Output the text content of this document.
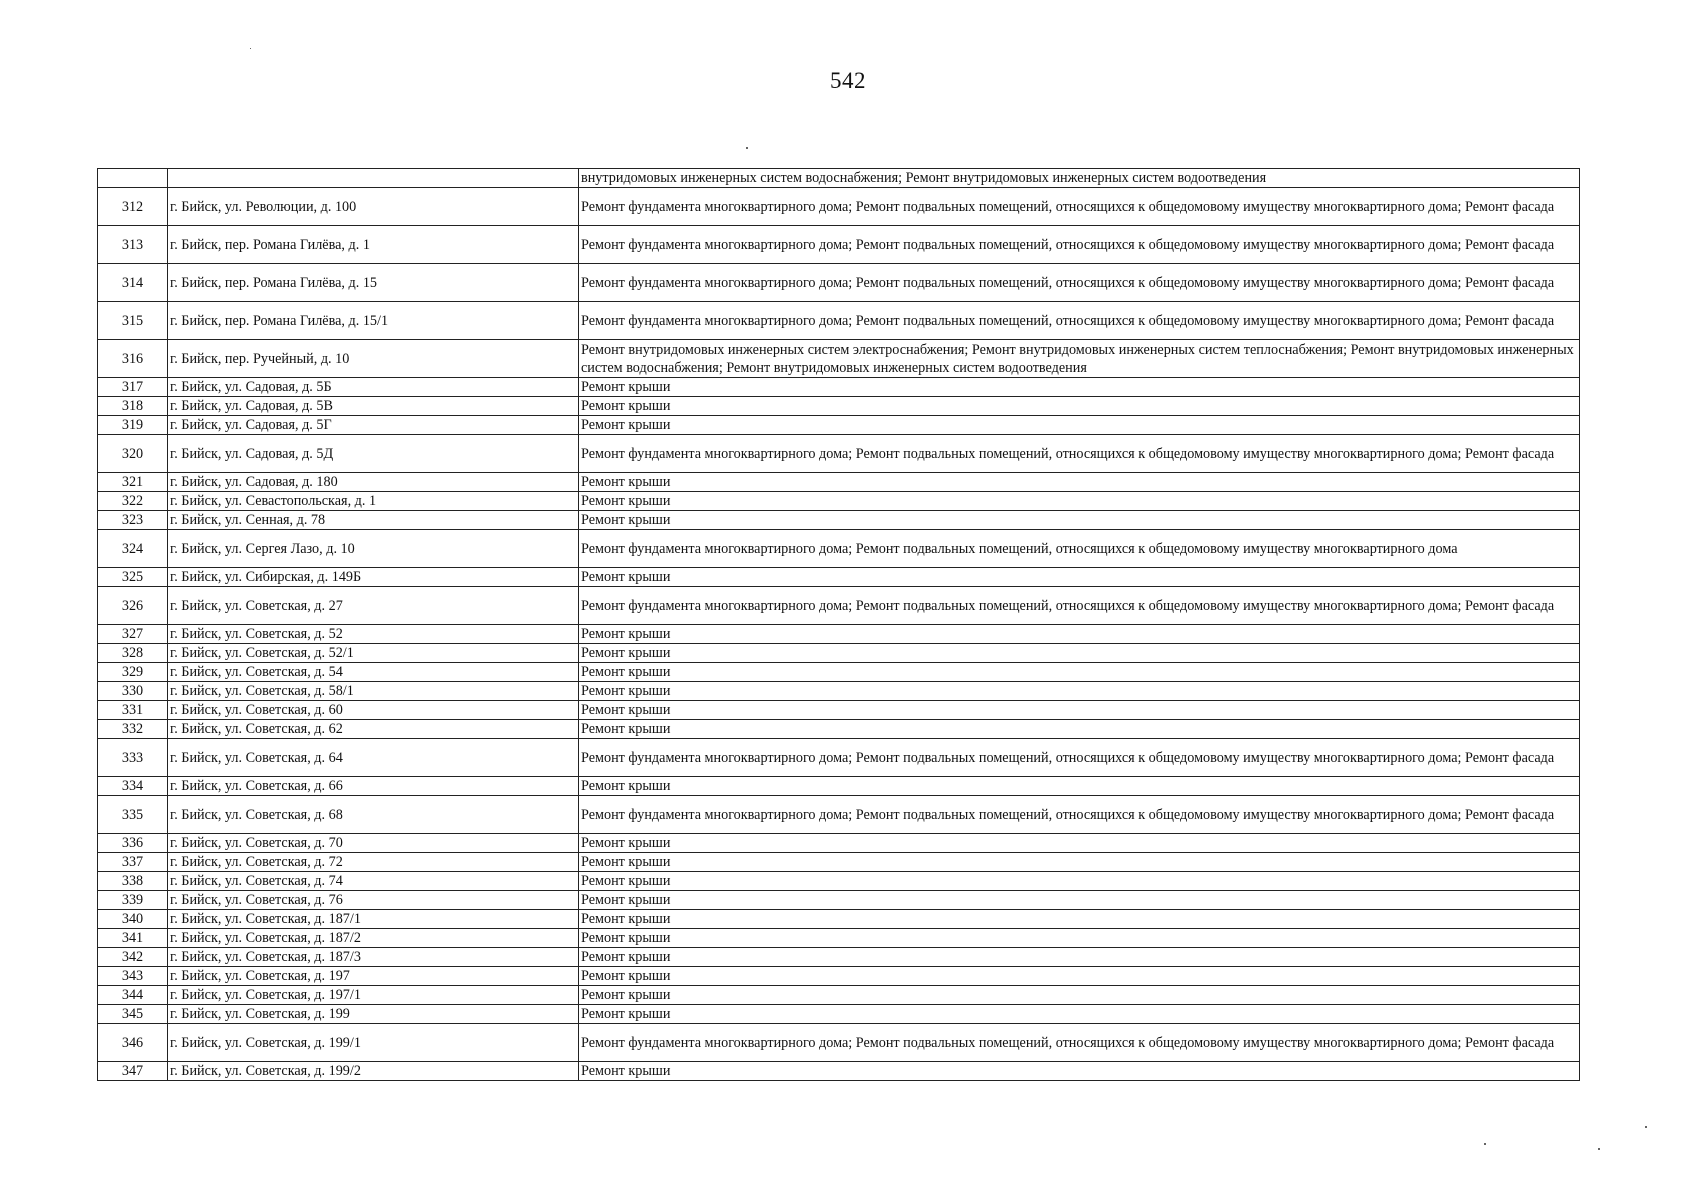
542
		внутридомовых инженерных систем водоснабжения; Ремонт внутридомовых инженерных систем водоотведения
312	г. Бийск, ул. Революции, д. 100	Ремонт фундамента многоквартирного дома; Ремонт подвальных помещений, относящихся к общедомовому имуществу многоквартирного дома; Ремонт фасада
313	г. Бийск, пер. Романа Гилёва, д. 1	Ремонт фундамента многоквартирного дома; Ремонт подвальных помещений, относящихся к общедомовому имуществу многоквартирного дома; Ремонт фасада
314	г. Бийск, пер. Романа Гилёва, д. 15	Ремонт фундамента многоквартирного дома; Ремонт подвальных помещений, относящихся к общедомовому имуществу многоквартирного дома; Ремонт фасада
315	г. Бийск, пер. Романа Гилёва, д. 15/1	Ремонт фундамента многоквартирного дома; Ремонт подвальных помещений, относящихся к общедомовому имуществу многоквартирного дома; Ремонт фасада
316	г. Бийск, пер. Ручейный, д. 10	Ремонт внутридомовых инженерных систем электроснабжения; Ремонт внутридомовых инженерных систем теплоснабжения; Ремонт внутридомовых инженерных систем водоснабжения; Ремонт внутридомовых инженерных систем водоотведения
317	г. Бийск, ул. Садовая, д. 5Б	Ремонт крыши
318	г. Бийск, ул. Садовая, д. 5В	Ремонт крыши
319	г. Бийск, ул. Садовая, д. 5Г	Ремонт крыши
320	г. Бийск, ул. Садовая, д. 5Д	Ремонт фундамента многоквартирного дома; Ремонт подвальных помещений, относящихся к общедомовому имуществу многоквартирного дома; Ремонт фасада
321	г. Бийск, ул. Садовая, д. 180	Ремонт крыши
322	г. Бийск, ул. Севастопольская, д. 1	Ремонт крыши
323	г. Бийск, ул. Сенная, д. 78	Ремонт крыши
324	г. Бийск, ул. Сергея Лазо, д. 10	Ремонт фундамента многоквартирного дома; Ремонт подвальных помещений, относящихся к общедомовому имуществу многоквартирного дома
325	г. Бийск, ул. Сибирская, д. 149Б	Ремонт крыши
326	г. Бийск, ул. Советская, д. 27	Ремонт фундамента многоквартирного дома; Ремонт подвальных помещений, относящихся к общедомовому имуществу многоквартирного дома; Ремонт фасада
327	г. Бийск, ул. Советская, д. 52	Ремонт крыши
328	г. Бийск, ул. Советская, д. 52/1	Ремонт крыши
329	г. Бийск, ул. Советская, д. 54	Ремонт крыши
330	г. Бийск, ул. Советская, д. 58/1	Ремонт крыши
331	г. Бийск, ул. Советская, д. 60	Ремонт крыши
332	г. Бийск, ул. Советская, д. 62	Ремонт крыши
333	г. Бийск, ул. Советская, д. 64	Ремонт фундамента многоквартирного дома; Ремонт подвальных помещений, относящихся к общедомовому имуществу многоквартирного дома; Ремонт фасада
334	г. Бийск, ул. Советская, д. 66	Ремонт крыши
335	г. Бийск, ул. Советская, д. 68	Ремонт фундамента многоквартирного дома; Ремонт подвальных помещений, относящихся к общедомовому имуществу многоквартирного дома; Ремонт фасада
336	г. Бийск, ул. Советская, д. 70	Ремонт крыши
337	г. Бийск, ул. Советская, д. 72	Ремонт крыши
338	г. Бийск, ул. Советская, д. 74	Ремонт крыши
339	г. Бийск, ул. Советская, д. 76	Ремонт крыши
340	г. Бийск, ул. Советская, д. 187/1	Ремонт крыши
341	г. Бийск, ул. Советская, д. 187/2	Ремонт крыши
342	г. Бийск, ул. Советская, д. 187/3	Ремонт крыши
343	г. Бийск, ул. Советская, д. 197	Ремонт крыши
344	г. Бийск, ул. Советская, д. 197/1	Ремонт крыши
345	г. Бийск, ул. Советская, д. 199	Ремонт крыши
346	г. Бийск, ул. Советская, д. 199/1	Ремонт фундамента многоквартирного дома; Ремонт подвальных помещений, относящихся к общедомовому имуществу многоквартирного дома; Ремонт фасада
347	г. Бийск, ул. Советская, д. 199/2	Ремонт крыши
